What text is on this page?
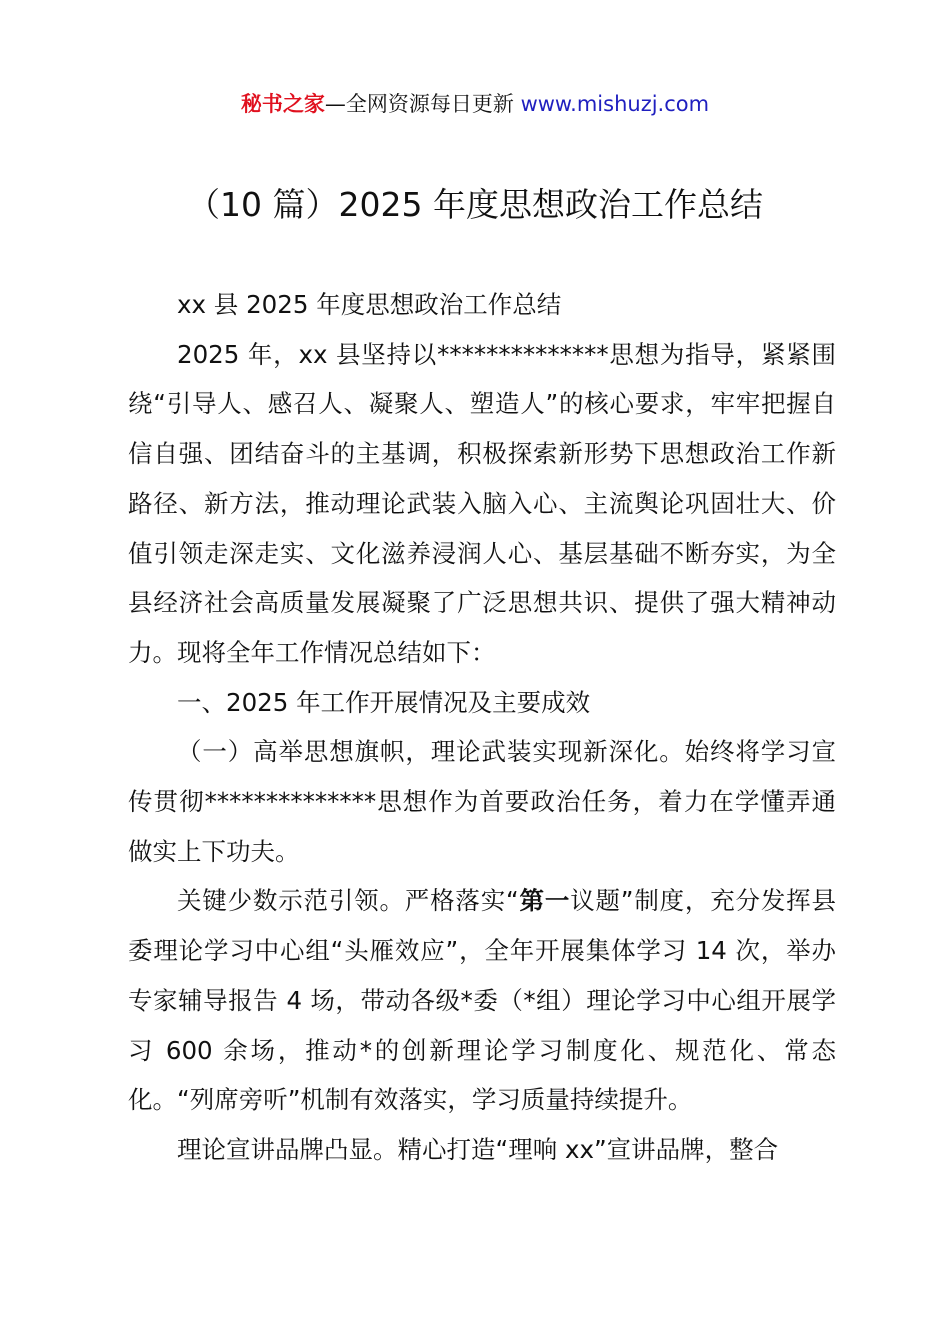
秘书之家—全网资源每日更新 www.mishuzj.com
（10 篇）2025 年度思想政治工作总结

xx 县 2025 年度思想政治工作总结

2025 年，xx 县坚持以**************思想为指导，紧紧围绕“引导人、感召人、凝聚人、塑造人”的核心要求，牢牢把握自信自强、团结奋斗的主基调，积极探索新形势下思想政治工作新路径、新方法，推动理论武装入脑入心、主流舆论巩固壮大、价值引领走深走实、文化滋养浸润人心、基层基础不断夯实，为全县经济社会高质量发展凝聚了广泛思想共识、提供了强大精神动力。现将全年工作情况总结如下：

一、2025 年工作开展情况及主要成效

（一）高举思想旗帜，理论武装实现新深化。始终将学习宣传贯彻**************思想作为首要政治任务，着力在学懂弄通做实上下功夫。

关键少数示范引领。严格落实“第一议题”制度，充分发挥县委理论学习中心组“头雁效应”，全年开展集体学习 14 次，举办专家辅导报告 4 场，带动各级*委（*组）理论学习中心组开展学习 600 余场，推动*的创新理论学习制度化、规范化、常态化。“列席旁听”机制有效落实，学习质量持续提升。

理论宣讲品牌凸显。精心打造“理响 xx”宣讲品牌，整合
